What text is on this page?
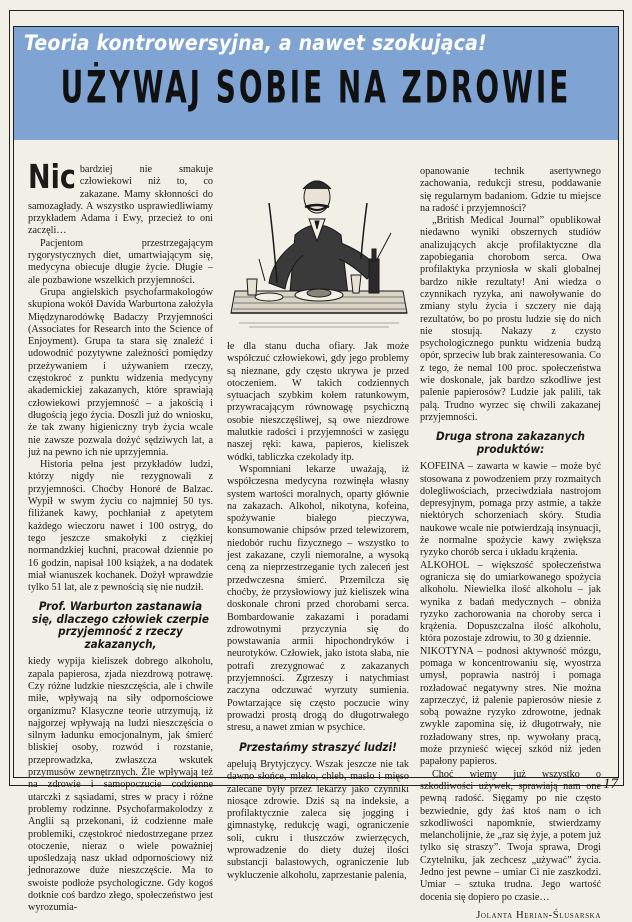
Teoria kontrowersyjna, a nawet szokująca!
UŻYWAJ SOBIE NA ZDROWIE

Nic bardziej nie smakuje człowiekowi niż to, co zakazane. Mamy skłonności do samozagłady. A wszystko usprawiedliwiamy przykładem Adama i Ewy, przecież to oni zaczęli…

Pacjentom przestrzegającym rygorystycznych diet, umartwiającym się, medycyna obiecuje długie życie. Długie – ale pozbawione wszelkich przyjemności.

Grupa angielskich psychofarmakologów skupiona wokół Davida Warburtona założyła Międzynarodówkę Badaczy Przyjemności (Associates for Research into the Science of Enjoyment). Grupa ta stara się znaleźć i udowodnić pozytywne zależności pomiędzy przeżywaniem i używaniem rzeczy, częstokroć z punktu widzenia medycyny akademickiej zakazanych, które sprawiają człowiekowi przyjemność – a jakością i długością jego życia. Doszli już do wniosku, że tak zwany higieniczny tryb życia wcale nie zawsze pozwala dożyć sędziwych lat, a już na pewno ich nie uprzyjemnia.

Historia pełna jest przykładów ludzi, którzy nigdy nie rezygnowali z przyjemności. Choćby Honoré de Balzac. Wypił w swym życiu co najmniej 50 tys. filiżanek kawy, pochłaniał z apetytem każdego wieczoru nawet i 100 ostryg, do tego jeszcze smakołyki z ciężkiej normandzkiej kuchni, pracował dziennie po 16 godzin, napisał 100 książek, a na dodatek miał wianuszek kochanek. Dożył wprawdzie tylko 51 lat, ale z pewnością się nie nudził.

Prof. Warburton zastanawia się, dlaczego człowiek czerpie przyjemność z rzeczy zakazanych,

kiedy wypija kieliszek dobrego alkoholu, zapala papierosa, zjada niezdrową potrawę. Czy różne ludzkie nieszczęścia, ale i chwile miłe, wpływają na siły odpornościowe organizmu? Klasyczne teorie utrzymują, iż najgorzej wpływają na ludzi nieszczęścia o silnym ładunku emocjonalnym, jak śmierć bliskiej osoby, rozwód i rozstanie, przeprowadzka, zwłaszcza wskutek przymusów zewnętrznych. Źle wpływają też na zdrowie i samopoczucie codzienne utarczki z sąsiadami, stres w pracy i różne problemy rodzinne. Psychofarmakolodzy z Anglii są przekonani, iż codzienne małe problemiki, częstokroć niedostrzegane przez otoczenie, nieraz o wiele poważniej upośledzają nasz układ odpornościowy niż jednorazowe duże nieszczęście. Ma to swoiste podłoże psychologiczne. Gdy kogoś dotknie coś bardzo złego, społeczeństwo jest wyrozumia-

łe dla stanu ducha ofiary. Jak może współczuć człowiekowi, gdy jego problemy są nieznane, gdy często ukrywa je przed otoczeniem. W takich codziennych sytuacjach szybkim kołem ratunkowym, przywracającym równowagę psychiczną osobie nieszczęśliwej, są owe niezdrowe malutkie radości i przyjemności w zasięgu naszej ręki: kawa, papieros, kieliszek wódki, tabliczka czekolady itp.

Wspomniani lekarze uważają, iż współczesna medycyna rozwinęła własny system wartości moralnych, oparty głównie na zakazach. Alkohol, nikotyna, kofeina, spożywanie białego pieczywa, konsumowanie chipsów przed telewizorem, niedobór ruchu fizycznego – wszystko to jest zakazane, czyli niemoralne, a wysoką ceną za nieprzestrzeganie tych zaleceń jest przedwczesna śmierć. Przemilcza się choćby, że przysłowiowy już kieliszek wina doskonale chroni przed chorobami serca. Bombardowanie zakazami i poradami zdrowotnymi przyczynia się do powstawania armii hipochondryków i neurotyków. Człowiek, jako istota słaba, nie potrafi zrezygnować z zakazanych przyjemności. Zgrzeszy i natychmiast zaczyna odczuwać wyrzuty sumienia. Powtarzające się często poczucie winy prowadzi prostą drogą do długotrwałego stresu, a nawet zmian w psychice.

Przestańmy straszyć ludzi!

apelują Brytyjczycy. Wszak jeszcze nie tak dawno słońce, mleko, chleb, masło i mięso zalecane były przez lekarzy jako czynniki niosące zdrowie. Dziś są na indeksie, a profilaktycznie zaleca się jogging i gimnastykę, redukcję wagi, ograniczenie soli, cukru i tłuszczów zwierzęcych, wprowadzenie do diety dużej ilości substancji balastowych, ograniczenie lub wykluczenie alkoholu, zaprzestanie palenia,

opanowanie technik asertywnego zachowania, redukcji stresu, poddawanie się regularnym badaniom. Gdzie tu miejsce na radość i przyjemności?

„British Medical Journal” opublikował niedawno wyniki obszernych studiów analizujących akcje profilaktyczne dla zapobiegania chorobom serca. Owa profilaktyka przyniosła w skali globalnej bardzo nikłe rezultaty! Ani wiedza o czynnikach ryzyka, ani nawoływanie do zmiany stylu życia i szczery nie dają rezultatów, bo po prostu ludzie się do nich nie stosują. Nakazy z czysto psychologicznego punktu widzenia budzą opór, sprzeciw lub brak zainteresowania. Co z tego, że nemal 100 proc. społeczeństwa wie doskonale, jak bardzo szkodliwe jest palenie papierosów? Ludzie jak palili, tak palą. Trudno wyrzec się chwili zakazanej przyjemności.

Druga strona zakazanych produktów:

KOFEINA – zawarta w kawie – może być stosowana z powodzeniem przy rozmaitych dolegliwościach, przeciwdziała nastrojom depresyjnym, pomaga przy astmie, a także niektórych schorzeniach skóry. Studia naukowe wcale nie potwierdzają insynuacji, że normalne spożycie kawy zwiększa ryzyko chorób serca i układu krążenia.

ALKOHOL – większość społeczeństwa ogranicza się do umiarkowanego spożycia alkoholu. Niewielka ilość alkoholu – jak wynika z badań medycznych – obniża ryzyko zachorowania na choroby serca i krążenia. Dopuszczalna ilość alkoholu, która pozostaje zdrowiu, to 30 g dziennie.

NIKOTYNA – podnosi aktywność mózgu, pomaga w koncentrowaniu się, wyostrza umysł, poprawia nastrój i pomaga rozładować negatywny stres. Nie można zaprzeczyć, iż palenie papierosów niesie z sobą poważne ryzyko zdrowotne, jednak zwykle zapomina się, iż długotrwały, nie rozładowany stres, np. wywołany pracą, może przynieść więcej szkód niż jeden papałony papieros.

Choć wiemy już wszystko o szkodliwości używek, sprawiają nam one pewną radość. Sięgamy po nie często bezwiednie, gdy żaś ktoś nam o ich szkodliwości napomknie, stwierdzamy melancholijnie, że „raz się żyje, a potem już tylko się straszy”. Twoja sprawa, Drogi Czytelniku, jak zechcesz „używać” życia. Jedno jest pewne – umiar Ci nie zaszkodzi. Umiar – sztuka trudna. Jego wartość docenia się dopiero po czasie…

Jolanta Herian-Ślusarska
17
